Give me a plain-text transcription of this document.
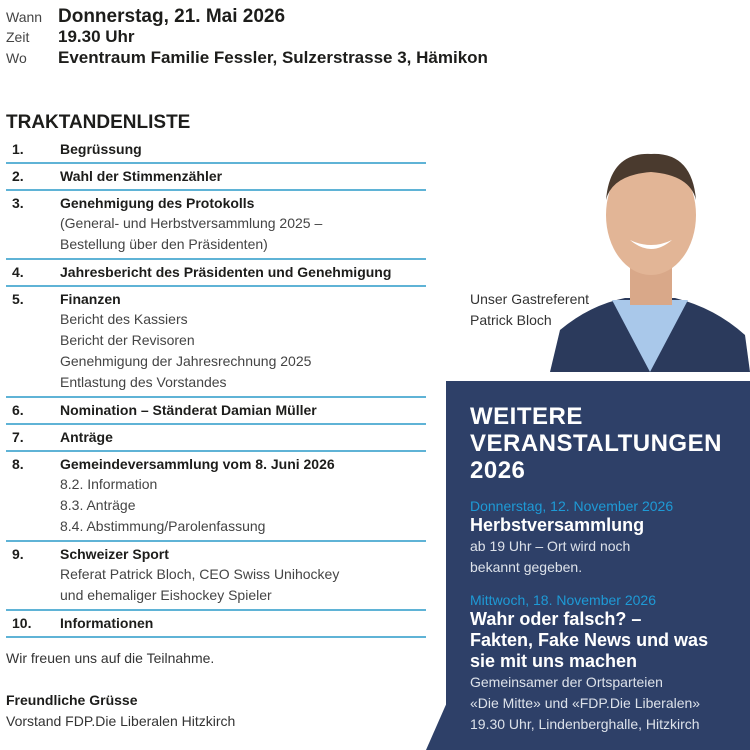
Wann Donnerstag, 21. Mai 2026
Zeit	19.30 Uhr
Wo	Eventraum Familie Fessler, Sulzerstrasse 3, Hämikon
TRAKTANDENLISTE
1.	Begrüssung
2.	Wahl der Stimmenzähler
3.	Genehmigung des Protokolls
(General- und Herbstversammlung 2025 –
Bestellung über den Präsidenten)
4.	Jahresbericht des Präsidenten und Genehmigung
5.	Finanzen
Bericht des Kassiers
Bericht der Revisoren
Genehmigung der Jahresrechnung 2025
Entlastung des Vorstandes
6.	Nomination – Ständerat Damian Müller
7.	Anträge
8.	Gemeindeversammlung vom 8. Juni 2026
8.2. Information
8.3. Anträge
8.4. Abstimmung/Parolenfassung
9.	Schweizer Sport
Referat Patrick Bloch, CEO Swiss Unihockey
und ehemaliger Eishockey Spieler
10.	Informationen
Wir freuen uns auf die Teilnahme.
Freundliche Grüsse
Vorstand FDP.Die Liberalen Hitzkirch
Unser Gastreferent
Patrick Bloch
WEITERE
VERANSTALTUNGEN
2026
Donnerstag, 12. November 2026
Herbstversammlung
ab 19 Uhr – Ort wird noch
bekannt gegeben.
Mittwoch, 18. November 2026
Wahr oder falsch? –
Fakten, Fake News und was
sie mit uns machen
Gemeinsamer der Ortsparteien
«Die Mitte» und «FDP.Die Liberalen»
19.30 Uhr, Lindenberghalle, Hitzkirch
